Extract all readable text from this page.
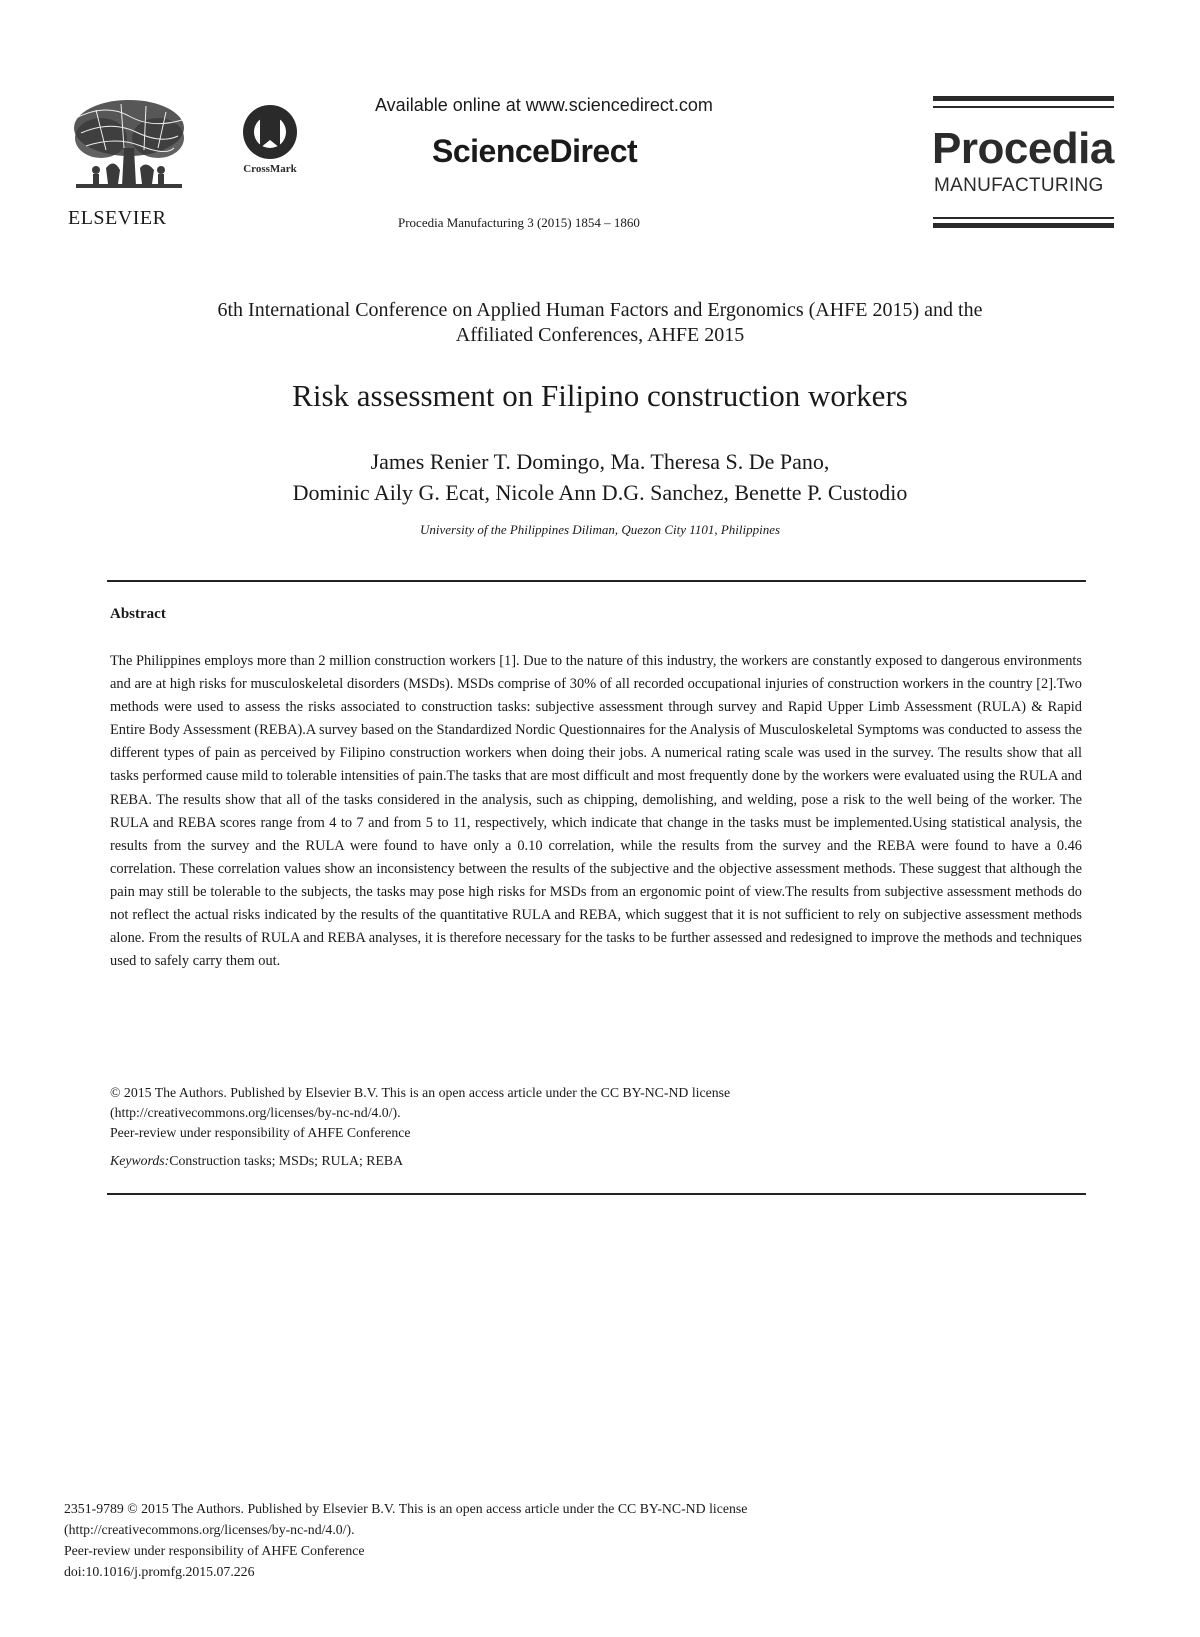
ELSEVIER
CrossMark
Available online at www.sciencedirect.com
ScienceDirect
Procedia Manufacturing 3 (2015) 1854 – 1860
Procedia
MANUFACTURING
6th International Conference on Applied Human Factors and Ergonomics (AHFE 2015) and the
Affiliated Conferences, AHFE 2015
Risk assessment on Filipino construction workers
James Renier T. Domingo, Ma. Theresa S. De Pano,
Dominic Aily G. Ecat, Nicole Ann D.G. Sanchez, Benette P. Custodio
University of the Philippines Diliman, Quezon City 1101, Philippines
Abstract
The Philippines employs more than 2 million construction workers [1]. Due to the nature of this industry, the workers are constantly exposed to dangerous environments and are at high risks for musculoskeletal disorders (MSDs). MSDs comprise of 30% of all recorded occupational injuries of construction workers in the country [2].Two methods were used to assess the risks associated to construction tasks: subjective assessment through survey and Rapid Upper Limb Assessment (RULA) & Rapid Entire Body Assessment (REBA).A survey based on the Standardized Nordic Questionnaires for the Analysis of Musculoskeletal Symptoms was conducted to assess the different types of pain as perceived by Filipino construction workers when doing their jobs. A numerical rating scale was used in the survey. The results show that all tasks performed cause mild to tolerable intensities of pain.The tasks that are most difficult and most frequently done by the workers were evaluated using the RULA and REBA. The results show that all of the tasks considered in the analysis, such as chipping, demolishing, and welding, pose a risk to the well being of the worker. The RULA and REBA scores range from 4 to 7 and from 5 to 11, respectively, which indicate that change in the tasks must be implemented.Using statistical analysis, the results from the survey and the RULA were found to have only a 0.10 correlation, while the results from the survey and the REBA were found to have a 0.46 correlation. These correlation values show an inconsistency between the results of the subjective and the objective assessment methods. These suggest that although the pain may still be tolerable to the subjects, the tasks may pose high risks for MSDs from an ergonomic point of view.The results from subjective assessment methods do not reflect the actual risks indicated by the results of the quantitative RULA and REBA, which suggest that it is not sufficient to rely on subjective assessment methods alone. From the results of RULA and REBA analyses, it is therefore necessary for the tasks to be further assessed and redesigned to improve the methods and techniques used to safely carry them out.
© 2015 The Authors. Published by Elsevier B.V. This is an open access article under the CC BY-NC-ND license
(http://creativecommons.org/licenses/by-nc-nd/4.0/).
Peer-review under responsibility of AHFE Conference
Keywords:Construction tasks; MSDs; RULA; REBA
2351-9789 © 2015 The Authors. Published by Elsevier B.V. This is an open access article under the CC BY-NC-ND license
(http://creativecommons.org/licenses/by-nc-nd/4.0/).
Peer-review under responsibility of AHFE Conference
doi:10.1016/j.promfg.2015.07.226
